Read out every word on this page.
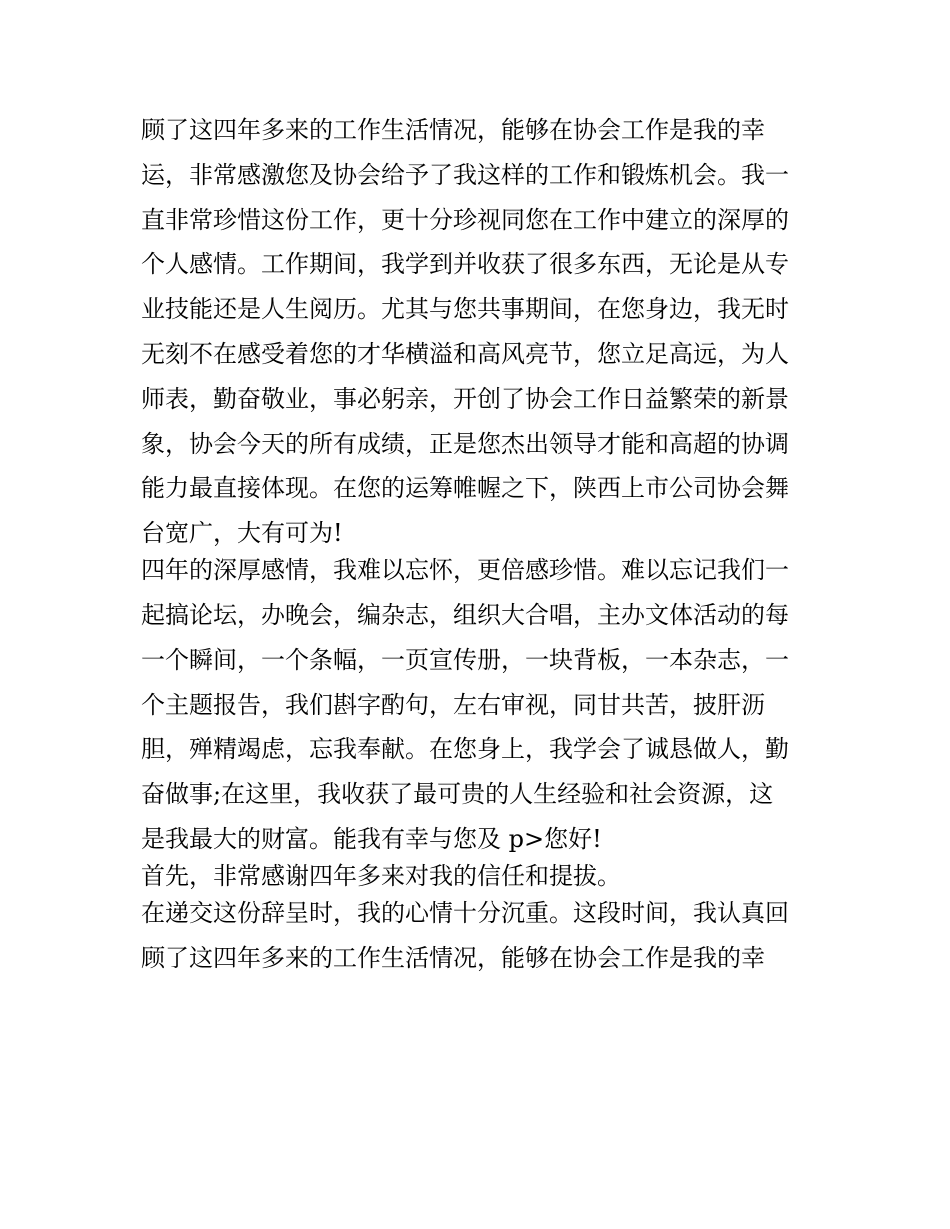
顾了这四年多来的工作生活情况，能够在协会工作是我的幸
运，非常感激您及协会给予了我这样的工作和锻炼机会。我一
直非常珍惜这份工作，更十分珍视同您在工作中建立的深厚的
个人感情。工作期间，我学到并收获了很多东西，无论是从专
业技能还是人生阅历。尤其与您共事期间，在您身边，我无时
无刻不在感受着您的才华横溢和高风亮节，您立足高远，为人
师表，勤奋敬业，事必躬亲，开创了协会工作日益繁荣的新景
象，协会今天的所有成绩，正是您杰出领导才能和高超的协调
能力最直接体现。在您的运筹帷幄之下，陕西上市公司协会舞
台宽广，大有可为!
四年的深厚感情，我难以忘怀，更倍感珍惜。难以忘记我们一
起搞论坛，办晚会，编杂志，组织大合唱，主办文体活动的每
一个瞬间，一个条幅，一页宣传册，一块背板，一本杂志，一
个主题报告，我们斟字酌句，左右审视，同甘共苦，披肝沥
胆，殚精竭虑，忘我奉献。在您身上，我学会了诚恳做人，勤
奋做事;在这里，我收获了最可贵的人生经验和社会资源，这
是我最大的财富。能我有幸与您及 p>您好!
首先，非常感谢四年多来对我的信任和提拔。
在递交这份辞呈时，我的心情十分沉重。这段时间，我认真回
顾了这四年多来的工作生活情况，能够在协会工作是我的幸
